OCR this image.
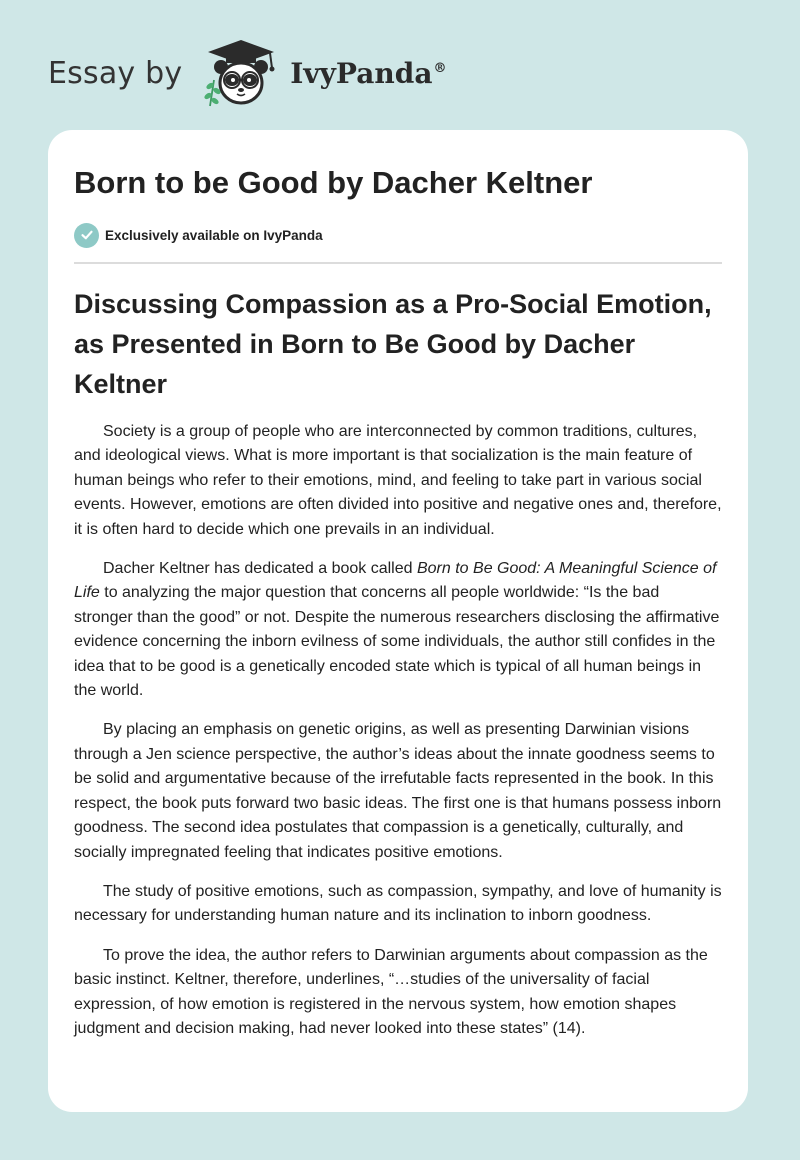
Essay by	IvyPanda®
Born to be Good by Dacher Keltner
Exclusively available on IvyPanda
Discussing Compassion as a Pro-Social Emotion, as Presented in Born to Be Good by Dacher Keltner

Society is a group of people who are interconnected by common traditions, cultures, and ideological views. What is more important is that socialization is the main feature of human beings who refer to their emotions, mind, and feeling to take part in various social events. However, emotions are often divided into positive and negative ones and, therefore, it is often hard to decide which one prevails in an individual.

Dacher Keltner has dedicated a book called Born to Be Good: A Meaningful Science of Life to analyzing the major question that concerns all people worldwide: “Is the bad stronger than the good” or not. Despite the numerous researchers disclosing the affirmative evidence concerning the inborn evilness of some individuals, the author still confides in the idea that to be good is a genetically encoded state which is typical of all human beings in the world.

By placing an emphasis on genetic origins, as well as presenting Darwinian visions through a Jen science perspective, the author’s ideas about the innate goodness seems to be solid and argumentative because of the irrefutable facts represented in the book. In this respect, the book puts forward two basic ideas. The first one is that humans possess inborn goodness. The second idea postulates that compassion is a genetically, culturally, and socially impregnated feeling that indicates positive emotions.

The study of positive emotions, such as compassion, sympathy, and love of humanity is necessary for understanding human nature and its inclination to inborn goodness.

To prove the idea, the author refers to Darwinian arguments about compassion as the basic instinct. Keltner, therefore, underlines, “…studies of the universality of facial expression, of how emotion is registered in the nervous system, how emotion shapes judgment and decision making, had never looked into these states” (14).
